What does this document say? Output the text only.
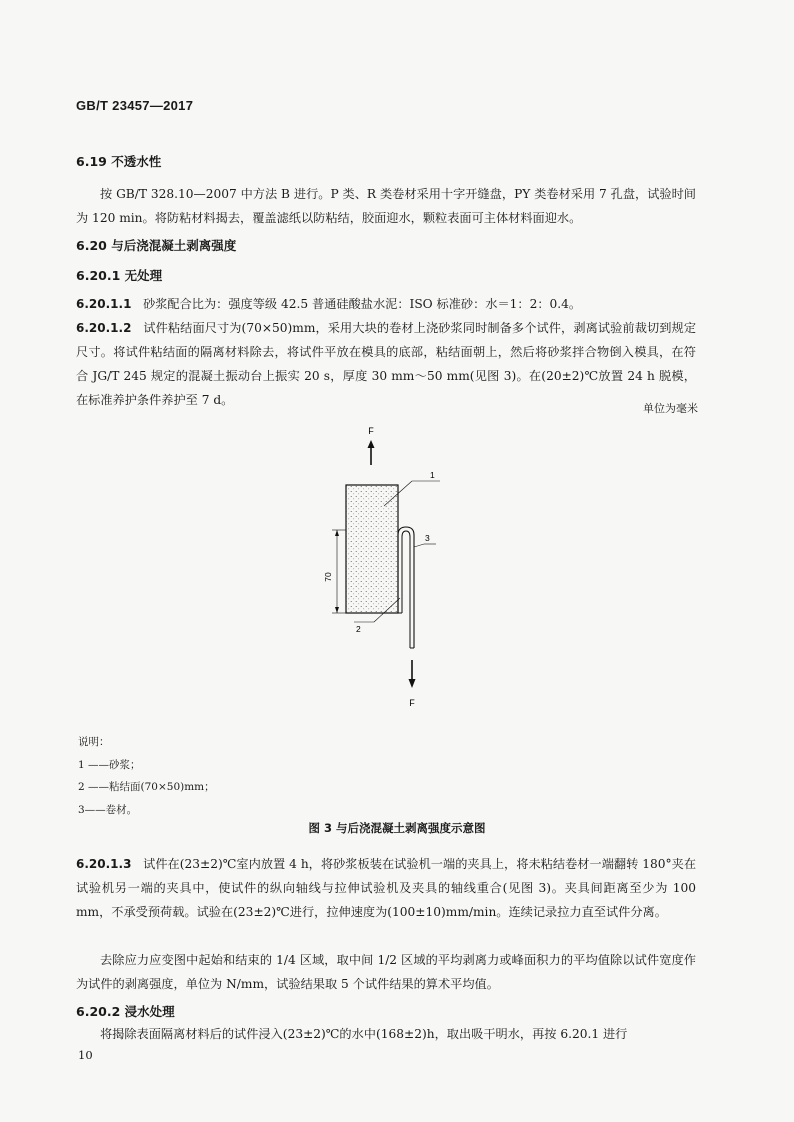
GB/T 23457—2017
6.19 不透水性
按 GB/T 328.10—2007 中方法 B 进行。P 类、R 类卷材采用十字开缝盘，PY 类卷材采用 7 孔盘，试验时间为 120 min。将防粘材料揭去，覆盖滤纸以防粘结，胶面迎水，颗粒表面可主体材料面迎水。
6.20 与后浇混凝土剥离强度
6.20.1 无处理
6.20.1.1 砂浆配合比为：强度等级 42.5 普通硅酸盐水泥：ISO 标准砂：水＝1：2：0.4。
6.20.1.2 试件粘结面尺寸为(70×50)mm，采用大块的卷材上浇砂浆同时制备多个试件，剥离试验前裁切到规定尺寸。将试件粘结面的隔离材料除去，将试件平放在模具的底部，粘结面朝上，然后将砂浆拌合物倒入模具，在符合 JG/T 245 规定的混凝土振动台上振实 20 s，厚度 30 mm～50 mm(见图 3)。在(20±2)℃放置 24 h 脱模，在标准养护条件养护至 7 d。
单位为毫米
F
70
1
3
2
F
说明：
1 ——砂浆；
2 ——粘结面(70×50)mm；
3——卷材。
图 3 与后浇混凝土剥离强度示意图
6.20.1.3 试件在(23±2)℃室内放置 4 h，将砂浆板装在试验机一端的夹具上，将未粘结卷材一端翻转 180°夹在试验机另一端的夹具中，使试件的纵向轴线与拉伸试验机及夹具的轴线重合(见图 3)。夹具间距离至少为 100 mm，不承受预荷载。试验在(23±2)℃进行，拉伸速度为(100±10)mm/min。连续记录拉力直至试件分离。
去除应力应变图中起始和结束的 1/4 区域，取中间 1/2 区域的平均剥离力或峰面积力的平均值除以试件宽度作为试件的剥离强度，单位为 N/mm，试验结果取 5 个试件结果的算术平均值。
6.20.2 浸水处理
将揭除表面隔离材料后的试件浸入(23±2)℃的水中(168±2)h，取出吸干明水，再按 6.20.1 进行
10
